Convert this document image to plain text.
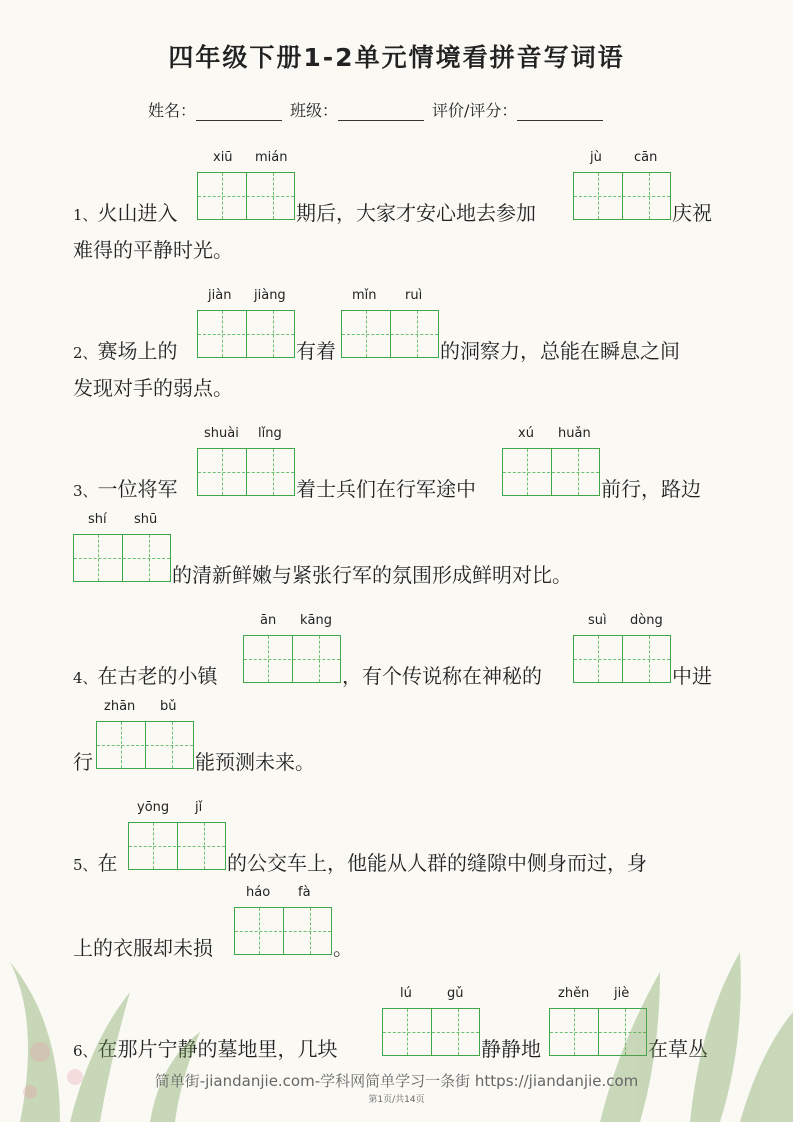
四年级下册1-2单元情境看拼音写词语
姓名：	班级：	评价/评分：
xiū mián	jù cān
1、火山进入	期后，大家才安心地去参加	庆祝
难得的平静时光。
jiàn jiàng	mǐn ruì
2、赛场上的	有着	的洞察力，总能在瞬息之间
发现对手的弱点。
shuài lǐng	xú huǎn
3、一位将军	着士兵们在行军途中	前行，路边
shí shū
的清新鲜嫩与紧张行军的氛围形成鲜明对比。
ān kāng	suì dòng
4、在古老的小镇	，有个传说称在神秘的	中进
zhān bǔ
行	能预测未来。
yōng jǐ
5、在	的公交车上，他能从人群的缝隙中侧身而过，身
háo fà
上的衣服却未损	。
lú	gǔ	zhěn jiè
6、在那片宁静的墓地里，几块	静静地	在草丛
简单街-jiandanjie.com-学科网简单学习一条街 https://jiandanjie.com
第1页/共14页
